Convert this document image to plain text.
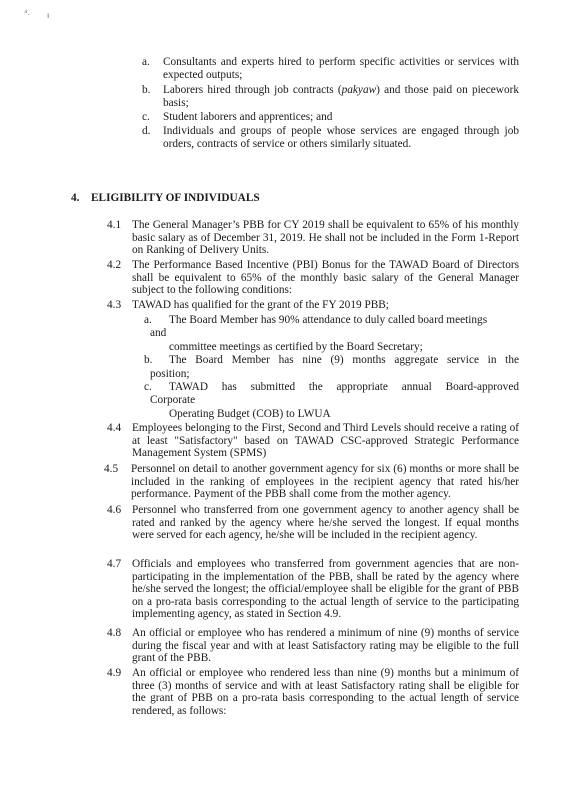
⁴. ı
a. Consultants and experts hired to perform specific activities or services with expected outputs;
b. Laborers hired through job contracts (pakyaw) and those paid on piecework basis;
c. Student laborers and apprentices; and
d. Individuals and groups of people whose services are engaged through job orders, contracts of service or others similarly situated.
4. ELIGIBILITY OF INDIVIDUALS
4.1 The General Manager’s PBB for CY 2019 shall be equivalent to 65% of his monthly basic salary as of December 31, 2019. He shall not be included in the Form 1-Report on Ranking of Delivery Units.
4.2 The Performance Based Incentive (PBI) Bonus for the TAWAD Board of Directors shall be equivalent to 65% of the monthly basic salary of the General Manager subject to the following conditions:
4.3 TAWAD has qualified for the grant of the FY 2019 PBB;
a. The Board Member has 90% attendance to duly called board meetings
and
committee meetings as certified by the Board Secretary;
b. The Board Member has nine (9) months aggregate service in the
position;
c. TAWAD has submitted the appropriate annual Board-approved
Corporate
Operating Budget (COB) to LWUA
4.4 Employees belonging to the First, Second and Third Levels should receive a rating of at least "Satisfactory" based on TAWAD CSC-approved Strategic Performance Management System (SPMS)
4.5 Personnel on detail to another government agency for six (6) months or more shall be included in the ranking of employees in the recipient agency that rated his/her performance. Payment of the PBB shall come from the mother agency.
4.6 Personnel who transferred from one government agency to another agency shall be rated and ranked by the agency where he/she served the longest. If equal months were served for each agency, he/she will be included in the recipient agency.
4.7 Officials and employees who transferred from government agencies that are non-participating in the implementation of the PBB, shall be rated by the agency where he/she served the longest; the official/employee shall be eligible for the grant of PBB on a pro-rata basis corresponding to the actual length of service to the participating implementing agency, as stated in Section 4.9.
4.8 An official or employee who has rendered a minimum of nine (9) months of service during the fiscal year and with at least Satisfactory rating may be eligible to the full grant of the PBB.
4.9 An official or employee who rendered less than nine (9) months but a minimum of three (3) months of service and with at least Satisfactory rating shall be eligible for the grant of PBB on a pro-rata basis corresponding to the actual length of service rendered, as follows:
